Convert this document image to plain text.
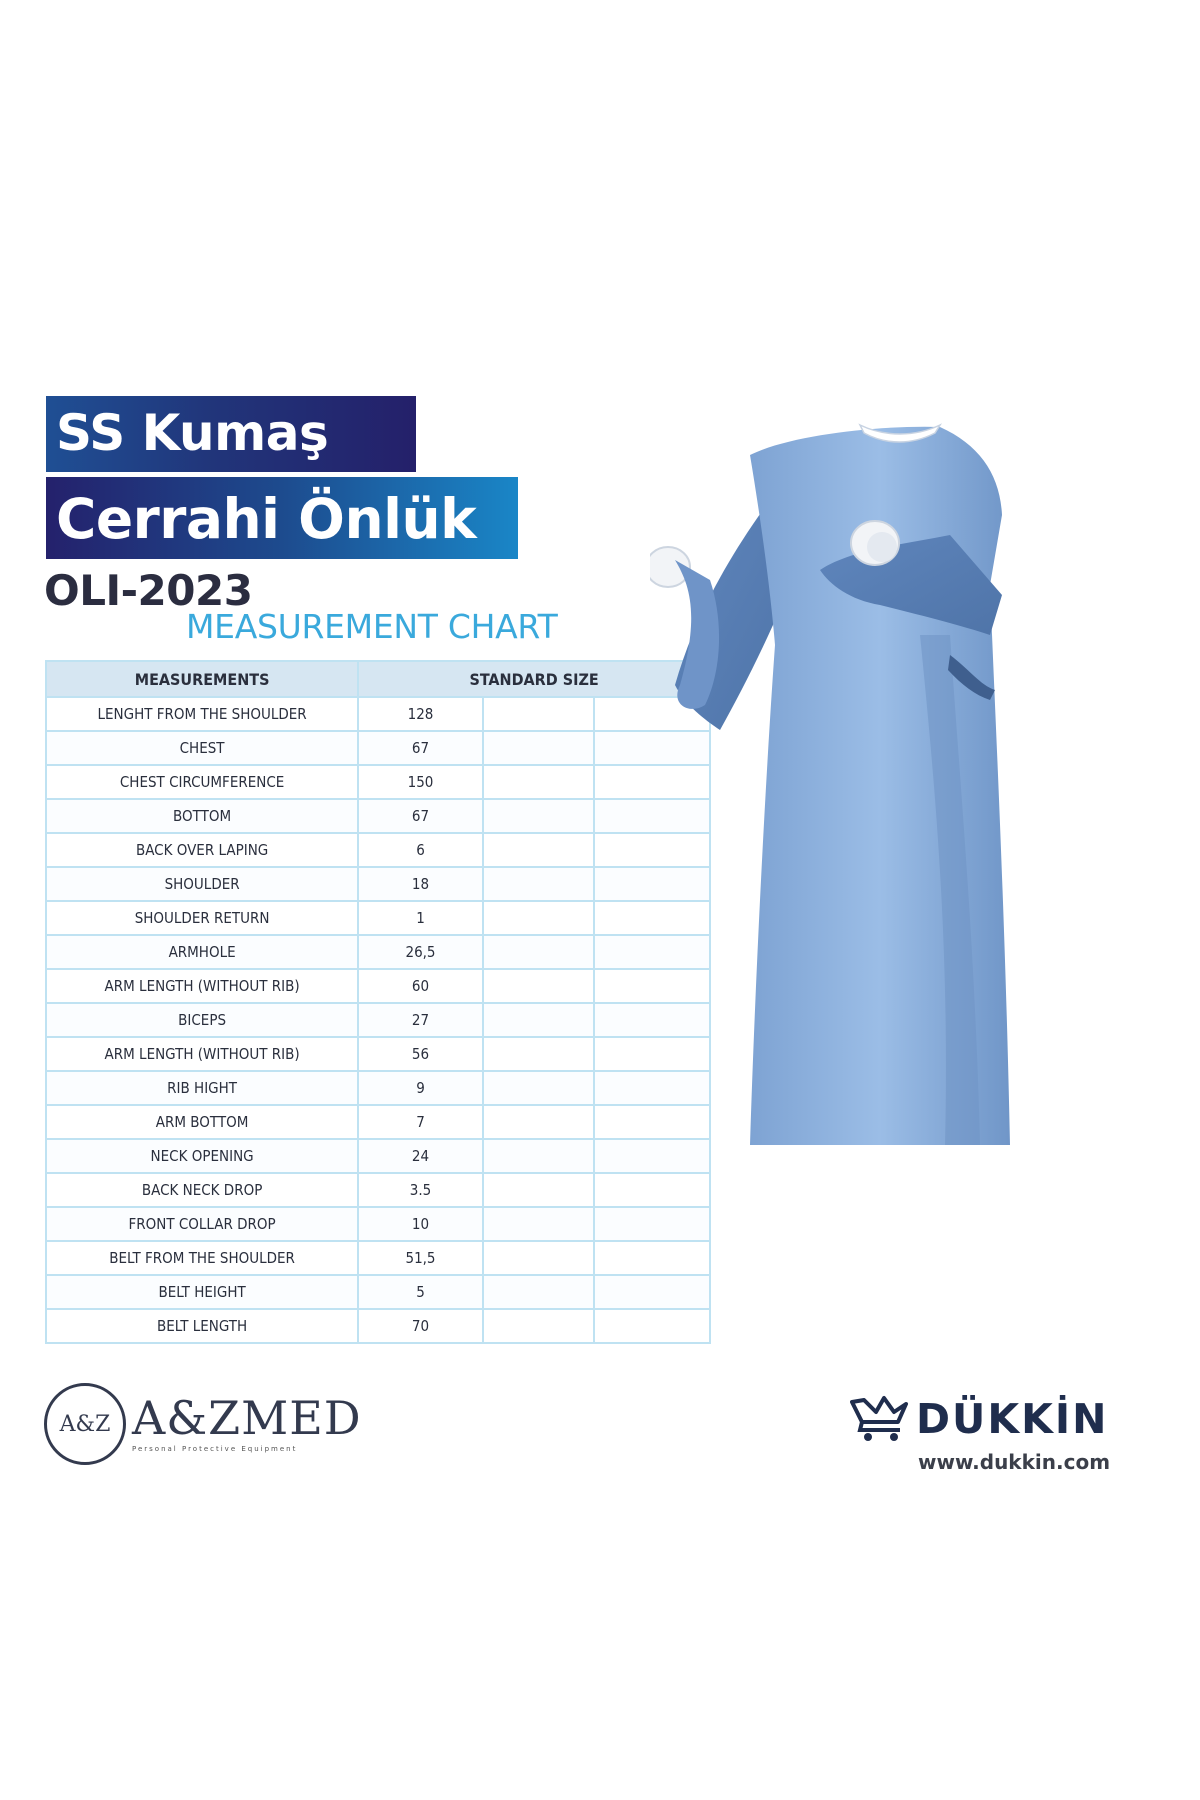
SS Kumaş
Cerrahi Önlük
OLI-2023
MEASUREMENT CHART
MEASUREMENTS	STANDARD SIZE		
LENGHT FROM THE SHOULDER	128		
CHEST	67		
CHEST CIRCUMFERENCE	150		
BOTTOM	67		
BACK OVER LAPING	6		
SHOULDER	18		
SHOULDER RETURN	1		
ARMHOLE	26,5		
ARM LENGTH (WITHOUT RIB)	60		
BICEPS	27		
ARM LENGTH (WITHOUT RIB)	56		
RIB HIGHT	9		
ARM BOTTOM	7		
NECK OPENING	24		
BACK NECK DROP	3.5		
FRONT COLLAR DROP	10		
BELT FROM THE SHOULDER	51,5		
BELT HEIGHT	5		
BELT LENGTH	70		
A&Z A&ZMED
Personal Protective Equipment
DÜKKİN
www.dukkin.com
